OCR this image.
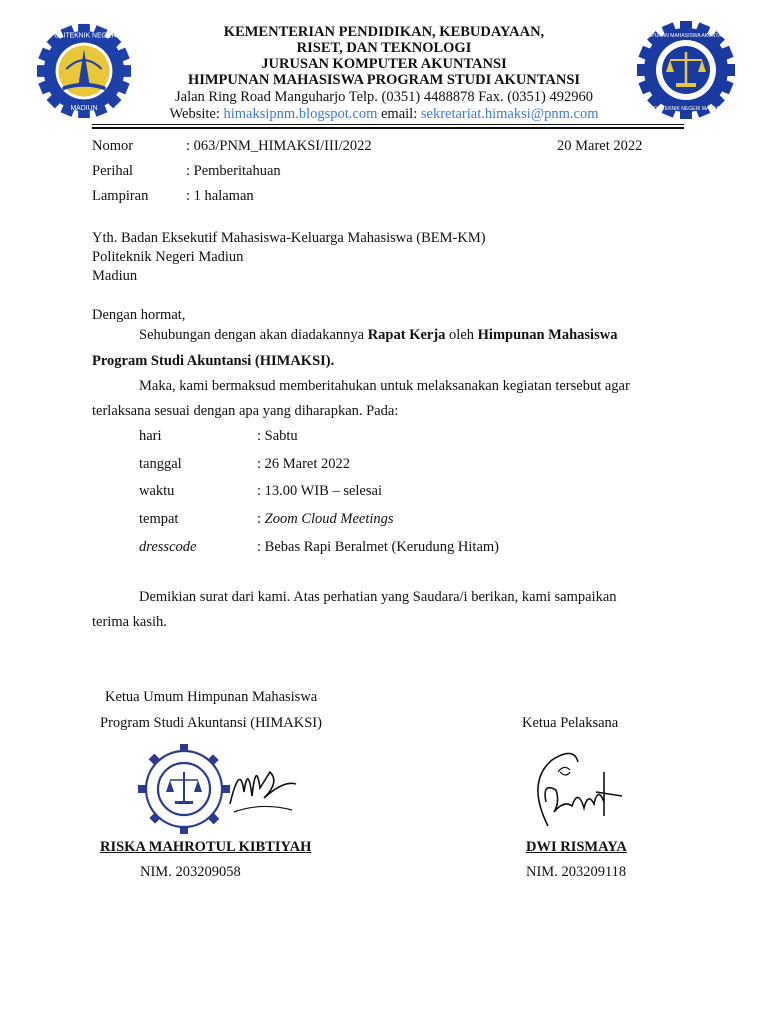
POLITEKNIK NEGERI
MADIUN
HIMPUNAN MAHASISWA AKUNTANSI
POLITEKNIK NEGERI MADIUN
KEMENTERIAN PENDIDIKAN, KEBUDAYAAN,
RISET, DAN TEKNOLOGI
JURUSAN KOMPUTER AKUNTANSI
HIMPUNAN MAHASISWA PROGRAM STUDI AKUNTANSI
Jalan Ring Road Manguharjo Telp. (0351) 4488878 Fax. (0351) 492960
Website: himaksipnm.blogspot.com email: sekretariat.himaksi@pnm.com
Nomor	: 063/PNM_HIMAKSI/III/2022	20 Maret 2022
Perihal	: Pemberitahuan
Lampiran	: 1 halaman
Yth. Badan Eksekutif Mahasiswa-Keluarga Mahasiswa (BEM-KM)
Politeknik Negeri Madiun
Madiun
Dengan hormat,
Sehubungan dengan akan diadakannya Rapat Kerja oleh Himpunan Mahasiswa
Program Studi Akuntansi (HIMAKSI).
Maka, kami bermaksud memberitahukan untuk melaksanakan kegiatan tersebut agar
terlaksana sesuai dengan apa yang diharapkan. Pada:
hari	: Sabtu
tanggal	: 26 Maret 2022
waktu	: 13.00 WIB – selesai
tempat	: Zoom Cloud Meetings
dresscode	: Bebas Rapi Beralmet (Kerudung Hitam)
Demikian surat dari kami. Atas perhatian yang Saudara/i berikan, kami sampaikan
terima kasih.
Ketua Umum Himpunan Mahasiswa
Program Studi Akuntansi (HIMAKSI)	Ketua Pelaksana
RISKA MAHROTUL KIBTIYAH	DWI RISMAYA
NIM. 203209058	NIM. 203209118
